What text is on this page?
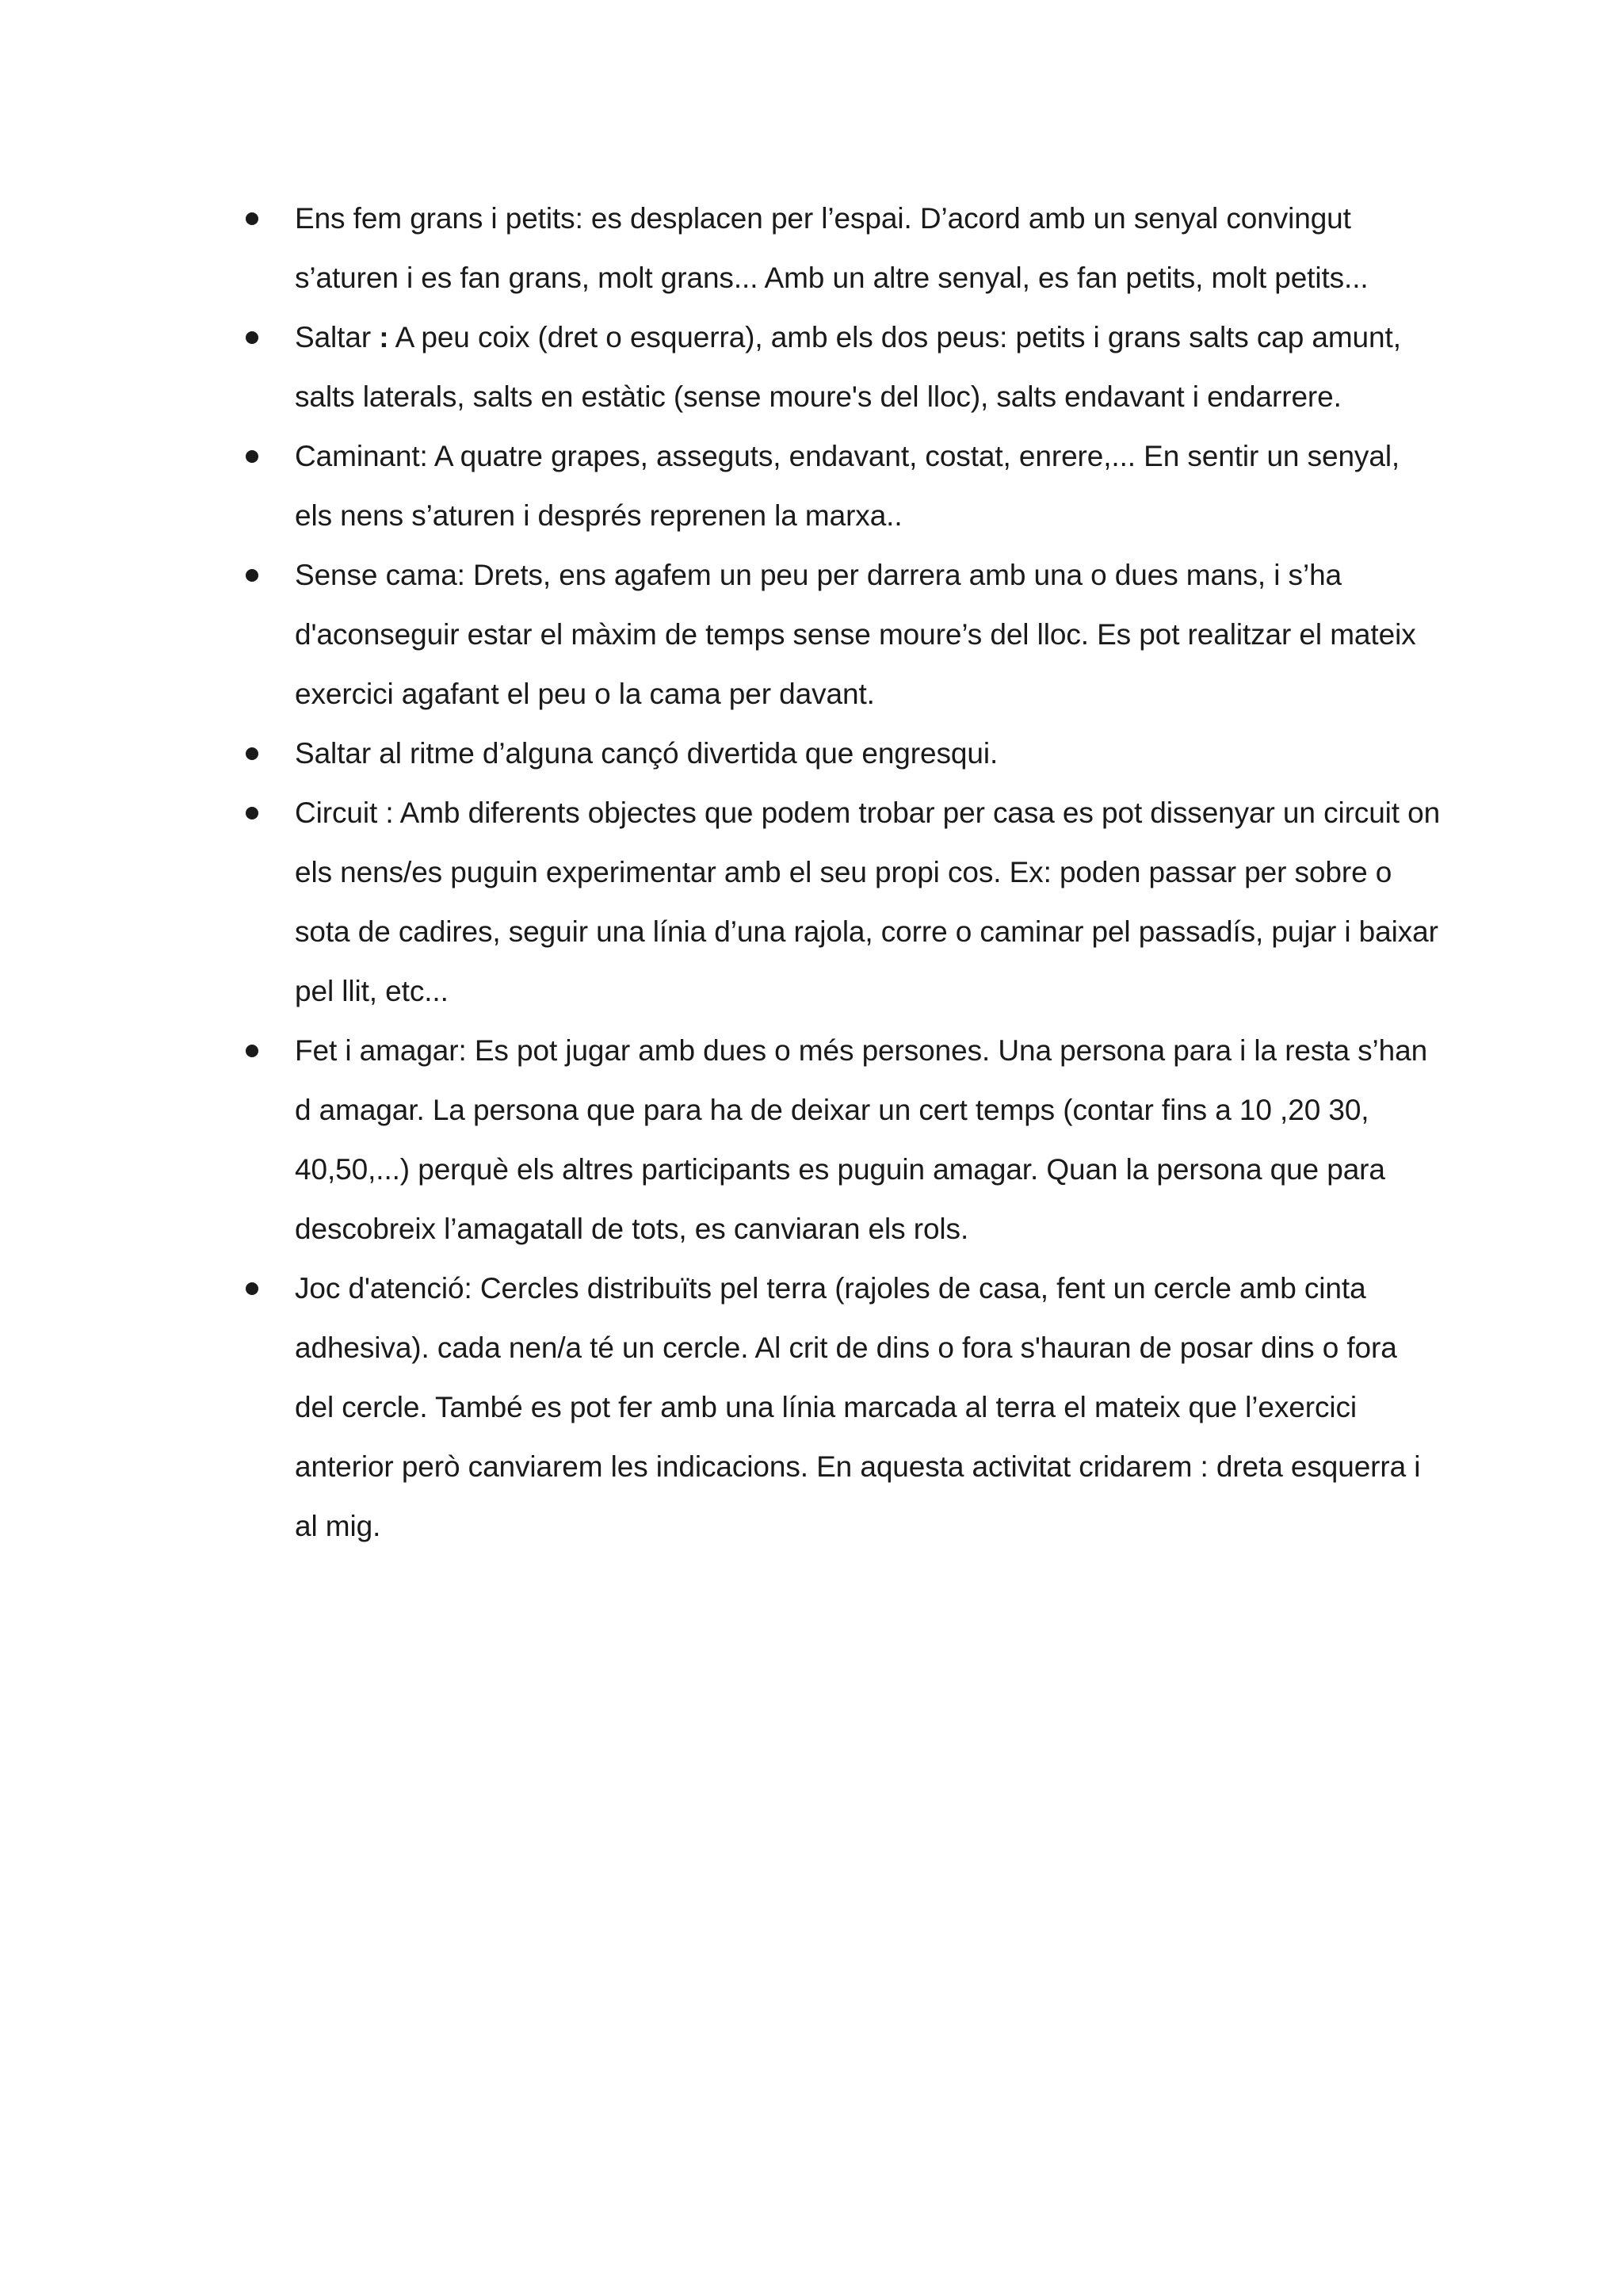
Ens fem grans i petits: es desplacen per l’espai. D’acord amb un senyal convingut s’aturen i es fan grans, molt grans... Amb un altre senyal, es fan petits, molt petits...
Saltar : A peu coix (dret o esquerra), amb els dos peus: petits i grans salts cap amunt, salts laterals, salts en estàtic (sense moure's del lloc), salts endavant i endarrere.
Caminant: A quatre grapes, asseguts, endavant, costat, enrere,... En sentir un senyal, els nens s’aturen i després reprenen la marxa..
Sense cama: Drets, ens agafem un peu per darrera amb una o dues mans, i s’ha d'aconseguir estar el màxim de temps sense moure’s del lloc. Es pot realitzar el mateix exercici agafant el peu o la cama per davant.
Saltar al ritme d’alguna cançó divertida que engresqui.
Circuit : Amb diferents objectes que podem trobar per casa es pot dissenyar un circuit on els nens/es puguin experimentar amb el seu propi cos. Ex: poden passar per sobre o sota de cadires, seguir una línia d’una rajola, corre o caminar pel passadís, pujar i baixar pel llit, etc...
Fet i amagar: Es pot jugar amb dues o més persones. Una persona para i la resta s’han d amagar. La persona que para ha de deixar un cert temps (contar fins a 10 ,20 30, 40,50,...) perquè els altres participants es puguin amagar. Quan la persona que para descobreix l’amagatall de tots, es canviaran els rols.
Joc d'atenció: Cercles distribuïts pel terra (rajoles de casa, fent un cercle amb cinta adhesiva). cada nen/a té un cercle. Al crit de dins o fora s'hauran de posar dins o fora del cercle. També es pot fer amb una línia marcada al terra el mateix que l’exercici anterior però canviarem les indicacions. En aquesta activitat cridarem : dreta esquerra i al mig.
